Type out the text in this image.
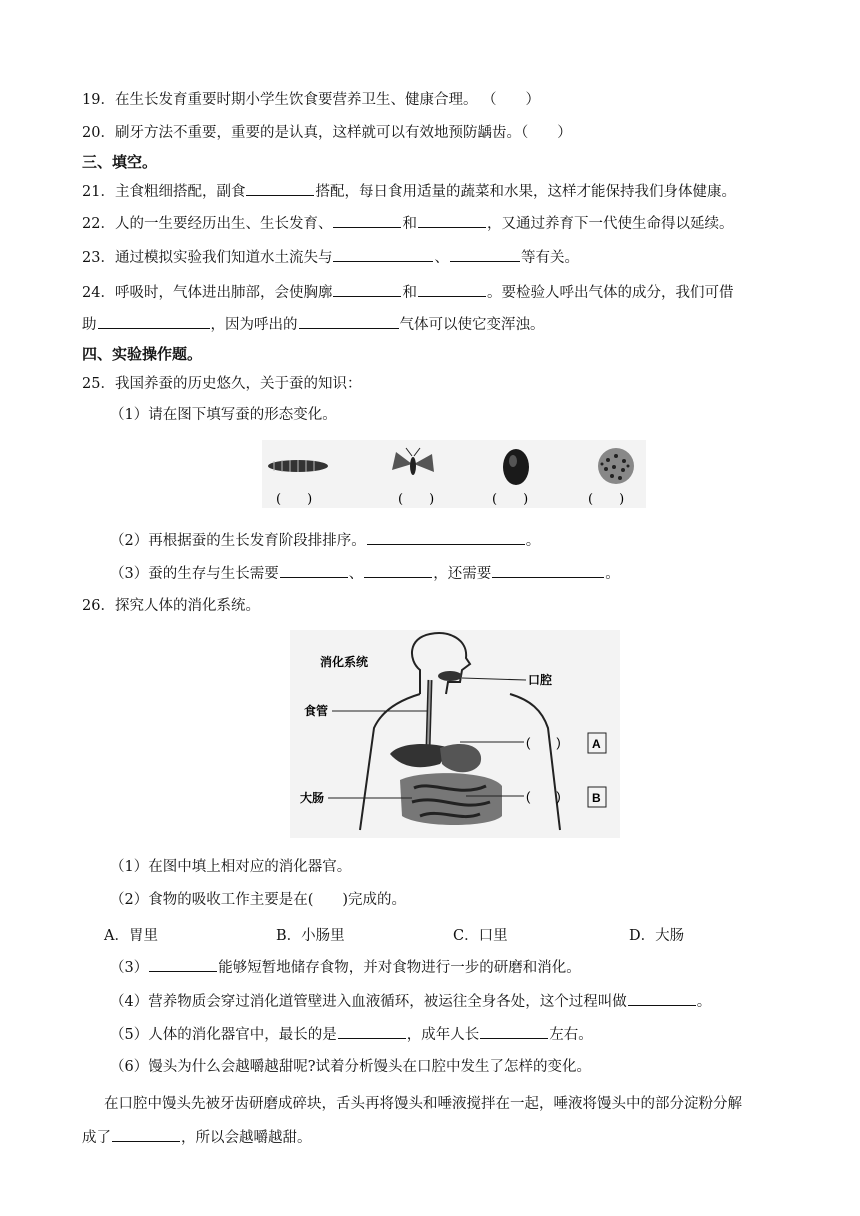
19．在生长发育重要时期小学生饮食要营养卫生、健康合理。 （　　）
20．刷牙方法不重要，重要的是认真，这样就可以有效地预防龋齿。（　　）
三、填空。
21．主食粗细搭配，副食	搭配，每日食用适量的蔬菜和水果，这样才能保持我们身体健康。
22．人的一生要经历出生、生长发育、	和	，又通过养育下一代使生命得以延续。
23．通过模拟实验我们知道水土流失与	、	等有关。
24．呼吸时，气体进出肺部，会使胸廓	和	。要检验人呼出气体的成分，我们可借
助	，因为呼出的	气体可以使它变浑浊。
四、实验操作题。
25．我国养蚕的历史悠久，关于蚕的知识：
（1）请在图下填写蚕的形态变化。
(　　)	(　　)	(　　)	(　　)
（2）再根据蚕的生长发育阶段排排序。	。
（3）蚕的生存与生长需要	、	，还需要	。
26．探究人体的消化系统。
消化系统
口腔
食管
(　　)	A
大肠	(　　)	B
（1）在图中填上相对应的消化器官。
（2）食物的吸收工作主要是在(　　)完成的。
A．胃里	B．小肠里	C．口里	D．大肠
（3）	能够短暂地储存食物，并对食物进行一步的研磨和消化。
（4）营养物质会穿过消化道管壁进入血液循环，被运往全身各处，这个过程叫做	。
（5）人体的消化器官中，最长的是	，成年人长	左右。
（6）馒头为什么会越嚼越甜呢?试着分析馒头在口腔中发生了怎样的变化。
在口腔中馒头先被牙齿研磨成碎块，舌头再将馒头和唾液搅拌在一起，唾液将馒头中的部分淀粉分解
成了	，所以会越嚼越甜。
